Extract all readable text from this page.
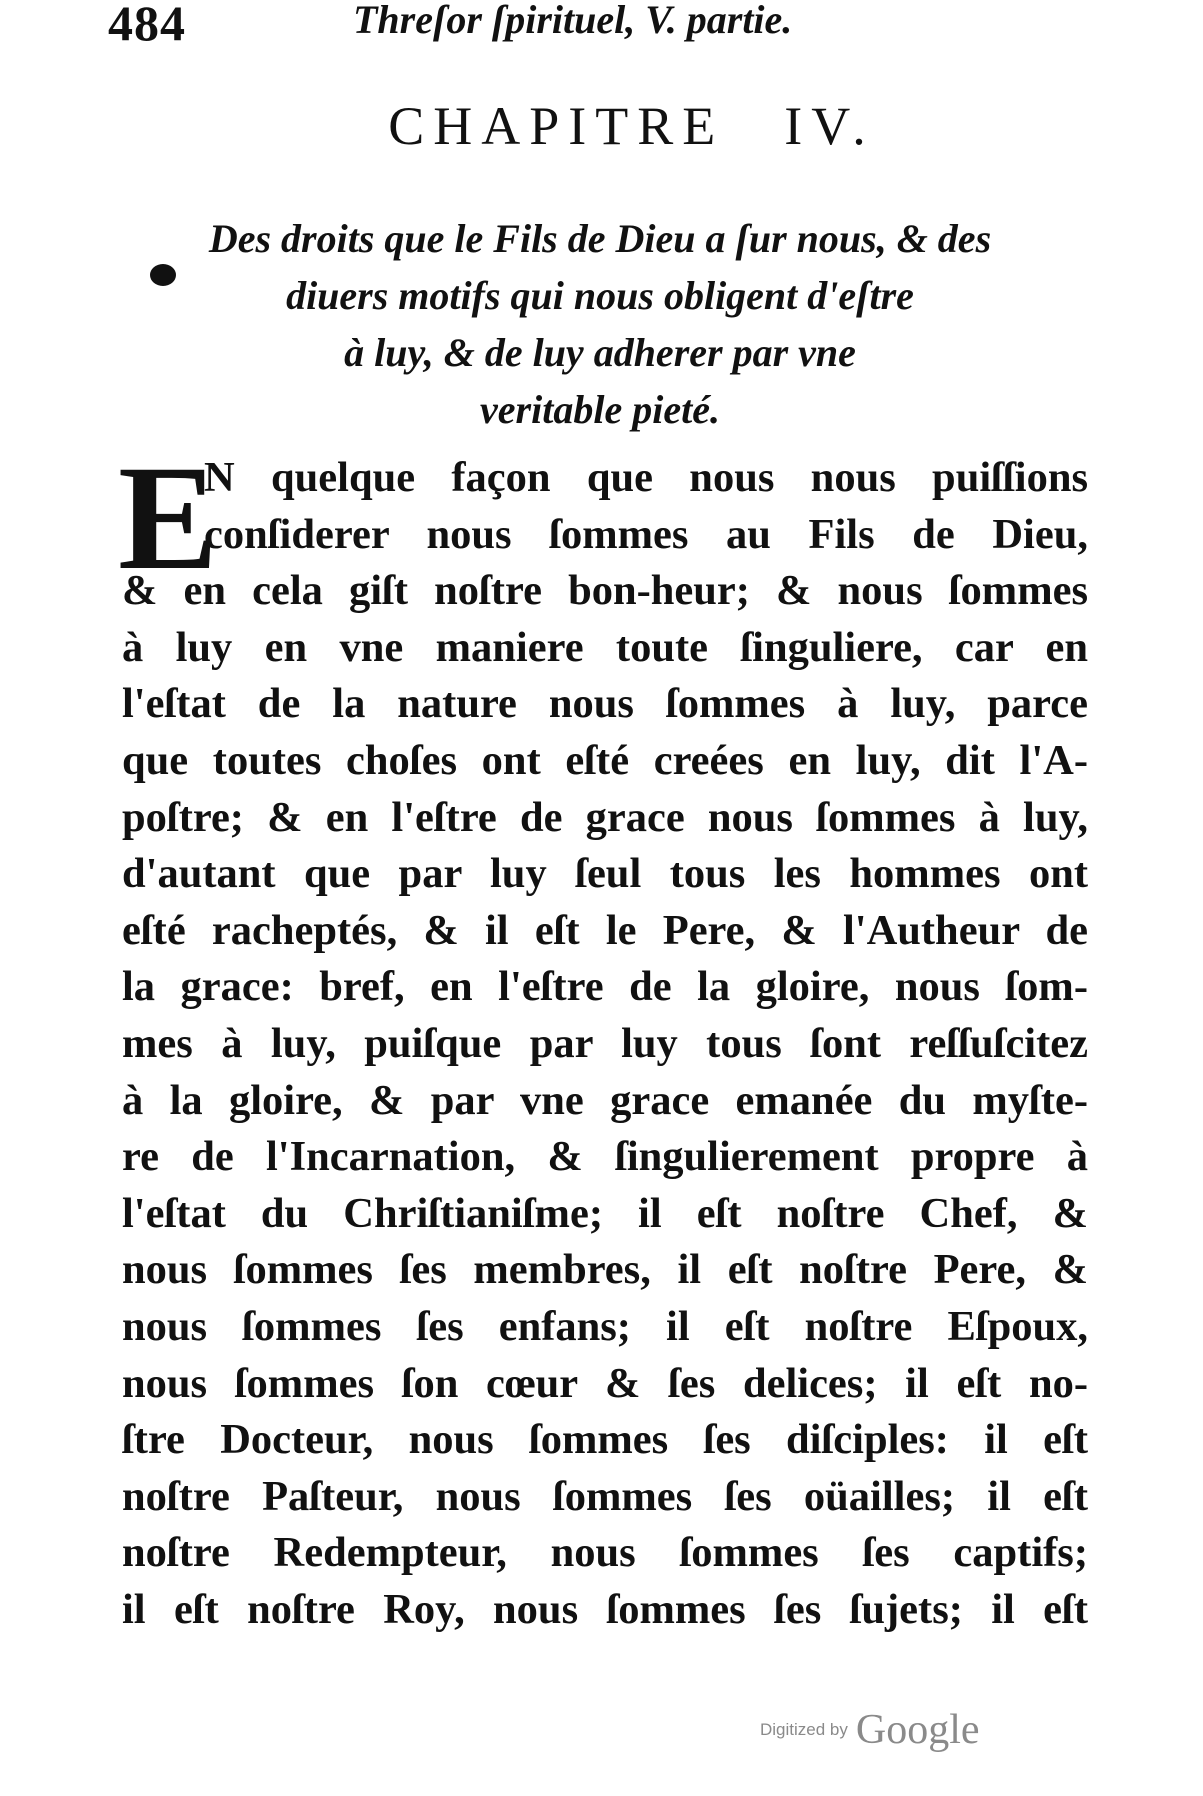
484	Threſor ſpirituel, V. partie.
CHAPITRE IV.
Des droits que le Fils de Dieu a ſur nous, & des
diuers motifs qui nous obligent d'eſtre
à luy, & de luy adherer par vne
veritable pieté.
E
N quelque façon que nous nous puiſſions
conſiderer nous ſommes au Fils de Dieu,
& en cela giſt noſtre bon-heur; & nous ſommes
à luy en vne maniere toute ſinguliere, car en
l'eſtat de la nature nous ſommes à luy, parce
que toutes choſes ont eſté creées en luy, dit l'A-
poſtre; & en l'eſtre de grace nous ſommes à luy,
d'autant que par luy ſeul tous les hommes ont
eſté racheptés, & il eſt le Pere, & l'Autheur de
la grace: bref, en l'eſtre de la gloire, nous ſom-
mes à luy, puiſque par luy tous ſont reſſuſcitez
à la gloire, & par vne grace emanée du myſte-
re de l'Incarnation, & ſingulierement propre à
l'eſtat du Chriſtianiſme; il eſt noſtre Chef, &
nous ſommes ſes membres, il eſt noſtre Pere, &
nous ſommes ſes enfans; il eſt noſtre Eſpoux,
nous ſommes ſon cœur & ſes delices; il eſt no-
ſtre Docteur, nous ſommes ſes diſciples: il eſt
noſtre Paſteur, nous ſommes ſes oüailles; il eſt
noſtre Redempteur, nous ſommes ſes captifs;
il eſt noſtre Roy, nous ſommes ſes ſujets; il eſt
Digitized by Google
